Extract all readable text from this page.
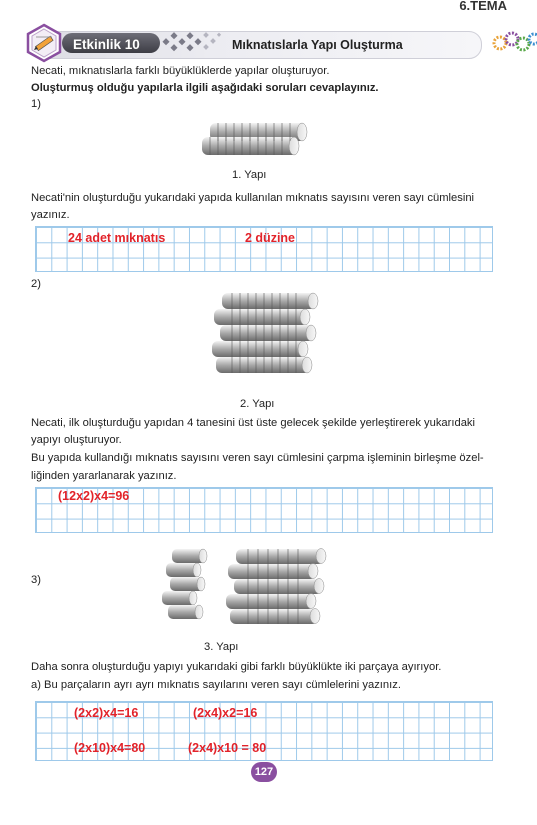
6.TEMA
Etkinlik 10	Mıknatıslarla Yapı Oluşturma
Necati, mıknatıslarla farklı büyüklüklerde yapılar oluşturuyor.
Oluşturmuş olduğu yapılarla ilgili aşağıdaki soruları cevaplayınız.
1)
1. Yapı
Necati'nin oluşturduğu yukarıdaki yapıda kullanılan mıknatıs sayısını veren sayı cümlesini
yazınız.
24 adet mıknatıs	2 düzine
2)
2. Yapı
Necati, ilk oluşturduğu yapıdan 4 tanesini üst üste gelecek şekilde yerleştirerek yukarıdaki
yapıyı oluşturuyor.
Bu yapıda kullandığı mıknatıs sayısını veren sayı cümlesini çarpma işleminin birleşme özel-
liğinden yararlanarak yazınız.
(12x2)x4=96
3)
3. Yapı
Daha sonra oluşturduğu yapıyı yukarıdaki gibi farklı büyüklükte iki parçaya ayırıyor.
a) Bu parçaların ayrı ayrı mıknatıs sayılarını veren sayı cümlelerini yazınız.
(2x2)x4=16	(2x4)x2=16
(2x10)x4=80	(2x4)x10 = 80
127
